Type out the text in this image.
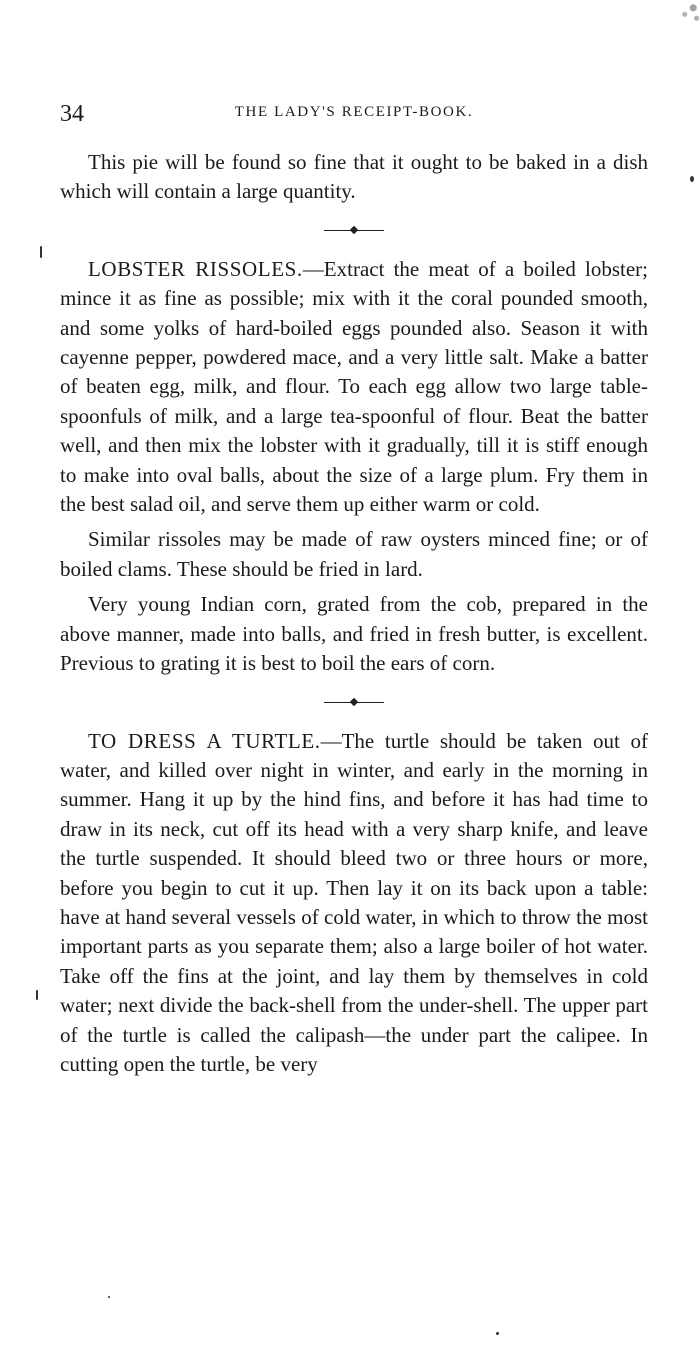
34	THE LADY'S RECEIPT-BOOK.

This pie will be found so fine that it ought to be baked in a dish which will contain a large quantity.

LOBSTER RISSOLES.—Extract the meat of a boiled lobster; mince it as fine as possible; mix with it the coral pounded smooth, and some yolks of hard-boiled eggs pounded also. Season it with cayenne pepper, powdered mace, and a very little salt. Make a batter of beaten egg, milk, and flour. To each egg allow two large table-spoonfuls of milk, and a large tea-spoonful of flour. Beat the batter well, and then mix the lobster with it gradually, till it is stiff enough to make into oval balls, about the size of a large plum. Fry them in the best salad oil, and serve them up either warm or cold.

Similar rissoles may be made of raw oysters minced fine; or of boiled clams. These should be fried in lard.

Very young Indian corn, grated from the cob, prepared in the above manner, made into balls, and fried in fresh butter, is excellent. Previous to grating it is best to boil the ears of corn.

TO DRESS A TURTLE.—The turtle should be taken out of water, and killed over night in winter, and early in the morning in summer. Hang it up by the hind fins, and before it has had time to draw in its neck, cut off its head with a very sharp knife, and leave the turtle suspended. It should bleed two or three hours or more, before you begin to cut it up. Then lay it on its back upon a table: have at hand several vessels of cold water, in which to throw the most important parts as you separate them; also a large boiler of hot water. Take off the fins at the joint, and lay them by themselves in cold water; next divide the back-shell from the under-shell. The upper part of the turtle is called the calipash—the under part the calipee. In cutting open the turtle, be very
